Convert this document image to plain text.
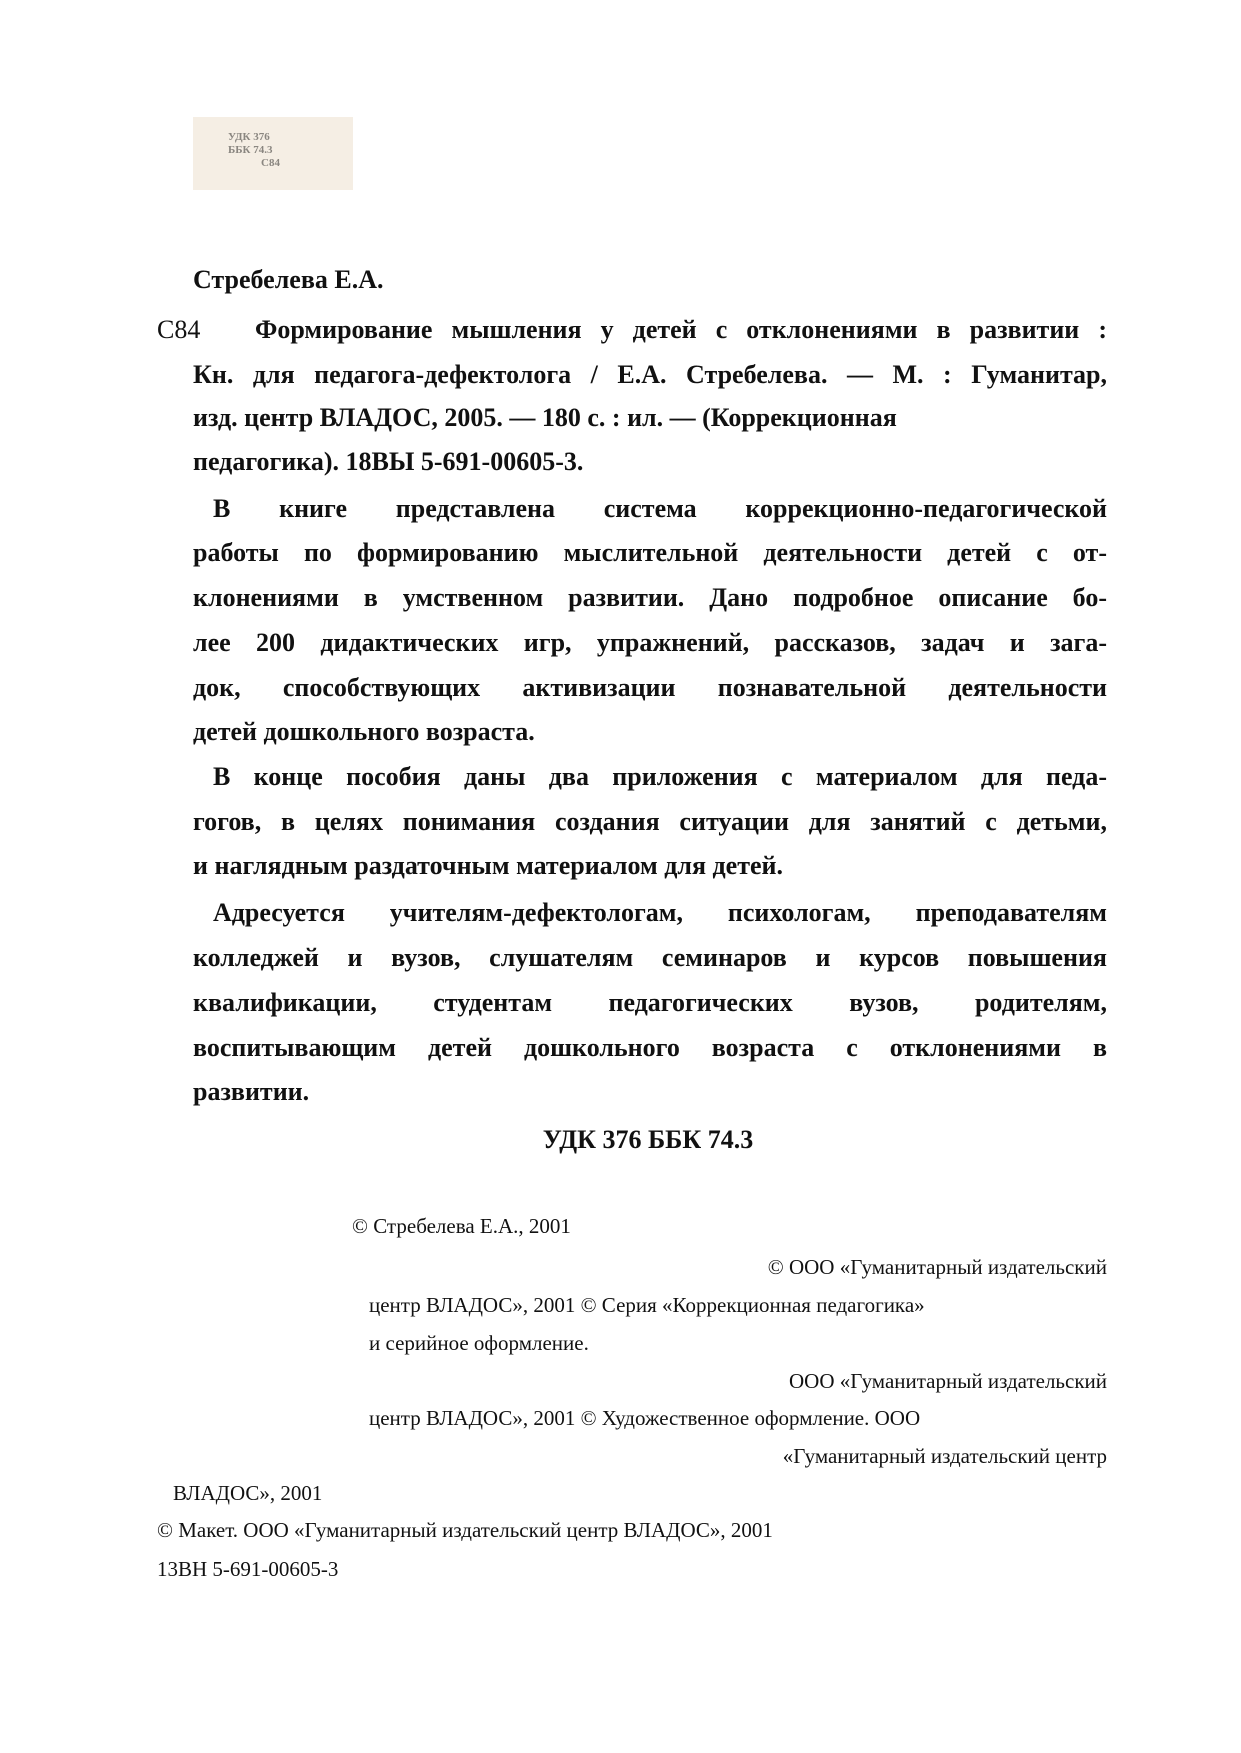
УДК 376
ББК 74.3
С84
Стребелева Е.А.
С84 Формирование мышления у детей с отклонениями в развитии :
Кн. для педагога-дефектолога / Е.А. Стребелева. — М. : Гуманитар,
изд. центр ВЛАДОС, 2005. — 180 с. : ил. — (Коррекционная
педагогика). 18ВЫ 5-691-00605-3.
В книге представлена система коррекционно-педагогической
работы по формированию мыслительной деятельности детей с от-
клонениями в умственном развитии. Дано подробное описание бо-
лее 200 дидактических игр, упражнений, рассказов, задач и зага-
док, способствующих активизации познавательной деятельности
детей дошкольного возраста.
В конце пособия даны два приложения с материалом для педа-
гогов, в целях понимания создания ситуации для занятий с детьми,
и наглядным раздаточным материалом для детей.
Адресуется учителям-дефектологам, психологам, преподавателям
колледжей и вузов, слушателям семинаров и курсов повышения
квалификации, студентам педагогических вузов, родителям,
воспитывающим детей дошкольного возраста с отклонениями в
развитии.
УДК 376 ББК 74.3
© Стребелева Е.А., 2001
© ООО «Гуманитарный издательский
центр ВЛАДОС», 2001 © Серия «Коррекционная педагогика»
и серийное оформление.
ООО «Гуманитарный издательский
центр ВЛАДОС», 2001 © Художественное оформление. ООО
«Гуманитарный издательский центр
ВЛАДОС», 2001
© Макет. ООО «Гуманитарный издательский центр ВЛАДОС», 2001
13ВН 5-691-00605-3
